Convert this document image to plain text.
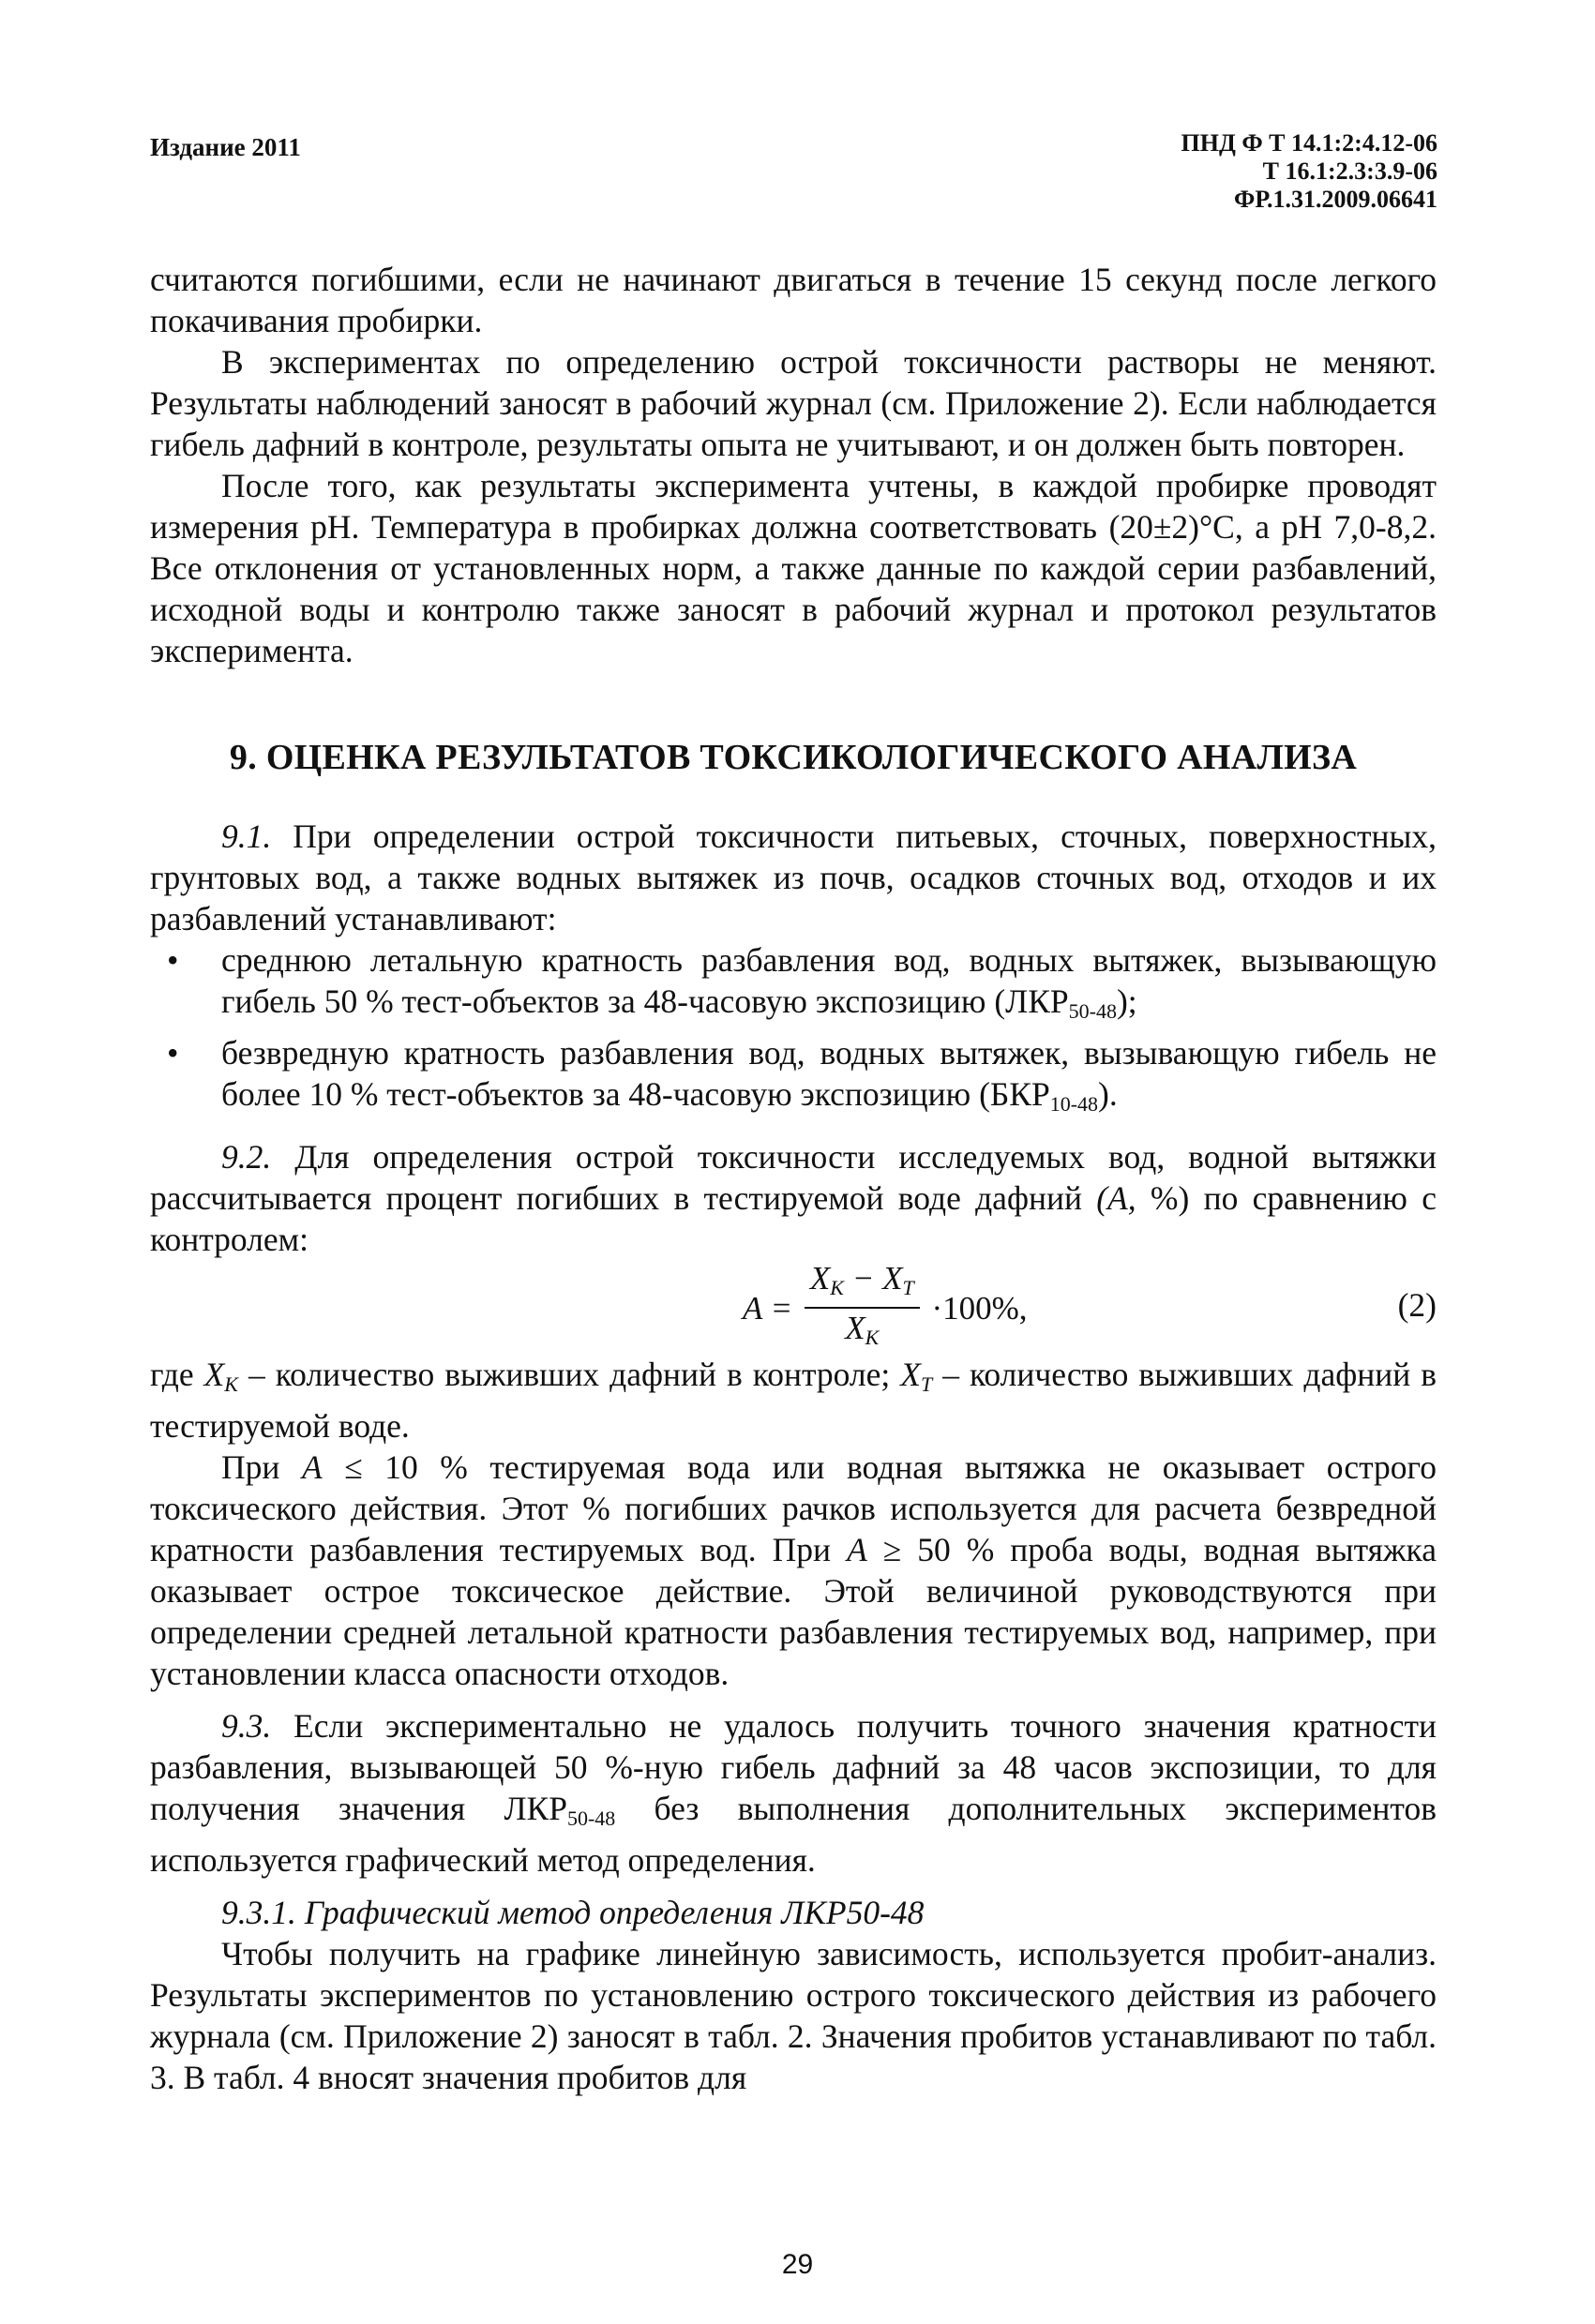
Издание 2011	ПНД Ф Т 14.1:2:4.12-06
Т 16.1:2.3:3.9-06
ФР.1.31.2009.06641

считаются погибшими, если не начинают двигаться в течение 15 секунд после легкого покачивания пробирки.

В экспериментах по определению острой токсичности растворы не меняют. Результаты наблюдений заносят в рабочий журнал (см. Приложение 2). Если наблюдается гибель дафний в контроле, результаты опыта не учитывают, и он должен быть повторен.

После того, как результаты эксперимента учтены, в каждой пробирке проводят измерения pH. Температура в пробирках должна соответствовать (20±2)°С, а pH 7,0-8,2. Все отклонения от установленных норм, а также данные по каждой серии разбавлений, исходной воды и контролю также заносят в рабочий журнал и протокол результатов эксперимента.

9. ОЦЕНКА РЕЗУЛЬТАТОВ ТОКСИКОЛОГИЧЕСКОГО АНАЛИЗА

9.1. При определении острой токсичности питьевых, сточных, поверхностных, грунтовых вод, а также водных вытяжек из почв, осадков сточных вод, отходов и их разбавлений устанавливают:

• среднюю летальную кратность разбавления вод, водных вытяжек, вызывающую гибель 50 % тест-объектов за 48-часовую экспозицию $(ЛКР_{50-48})$;
• безвредную кратность разбавления вод, водных вытяжек, вызывающую гибель не более 10 % тест-объектов за 48-часовую экспозицию $(БКР_{10-48})$.

9.2. Для определения острой токсичности исследуемых вод, водной вытяжки рассчитывается процент погибших в тестируемой воде дафний (А, %) по сравнению с контролем:

$A = \frac{XK - XT}{XK} \cdot 100\%$,	(2)

где XK – количество выживших дафний в контроле; XT – количество выживших дафний в тестируемой воде.

При А ≤ 10 % тестируемая вода или водная вытяжка не оказывает острого токсического действия. Этот % погибших рачков используется для расчета безвредной кратности разбавления тестируемых вод. При А ≥ 50 % проба воды, водная вытяжка оказывает острое токсическое действие. Этой величиной руководствуются при определении средней летальной кратности разбавления тестируемых вод, например, при установлении класса опасности отходов.

9.3. Если экспериментально не удалось получить точного значения кратности разбавления, вызывающей 50 %-ную гибель дафний за 48 часов экспозиции, то для получения значения $ЛКР_{50-48}$ без выполнения дополнительных экспериментов используется графический метод определения.

9.3.1. Графический метод определения ЛКР50-48

Чтобы получить на графике линейную зависимость, используется пробит-анализ. Результаты экспериментов по установлению острого токсического действия из рабочего журнала (см. Приложение 2) заносят в табл. 2. Значения пробитов устанавливают по табл. 3. В табл. 4 вносят значения пробитов для

29
